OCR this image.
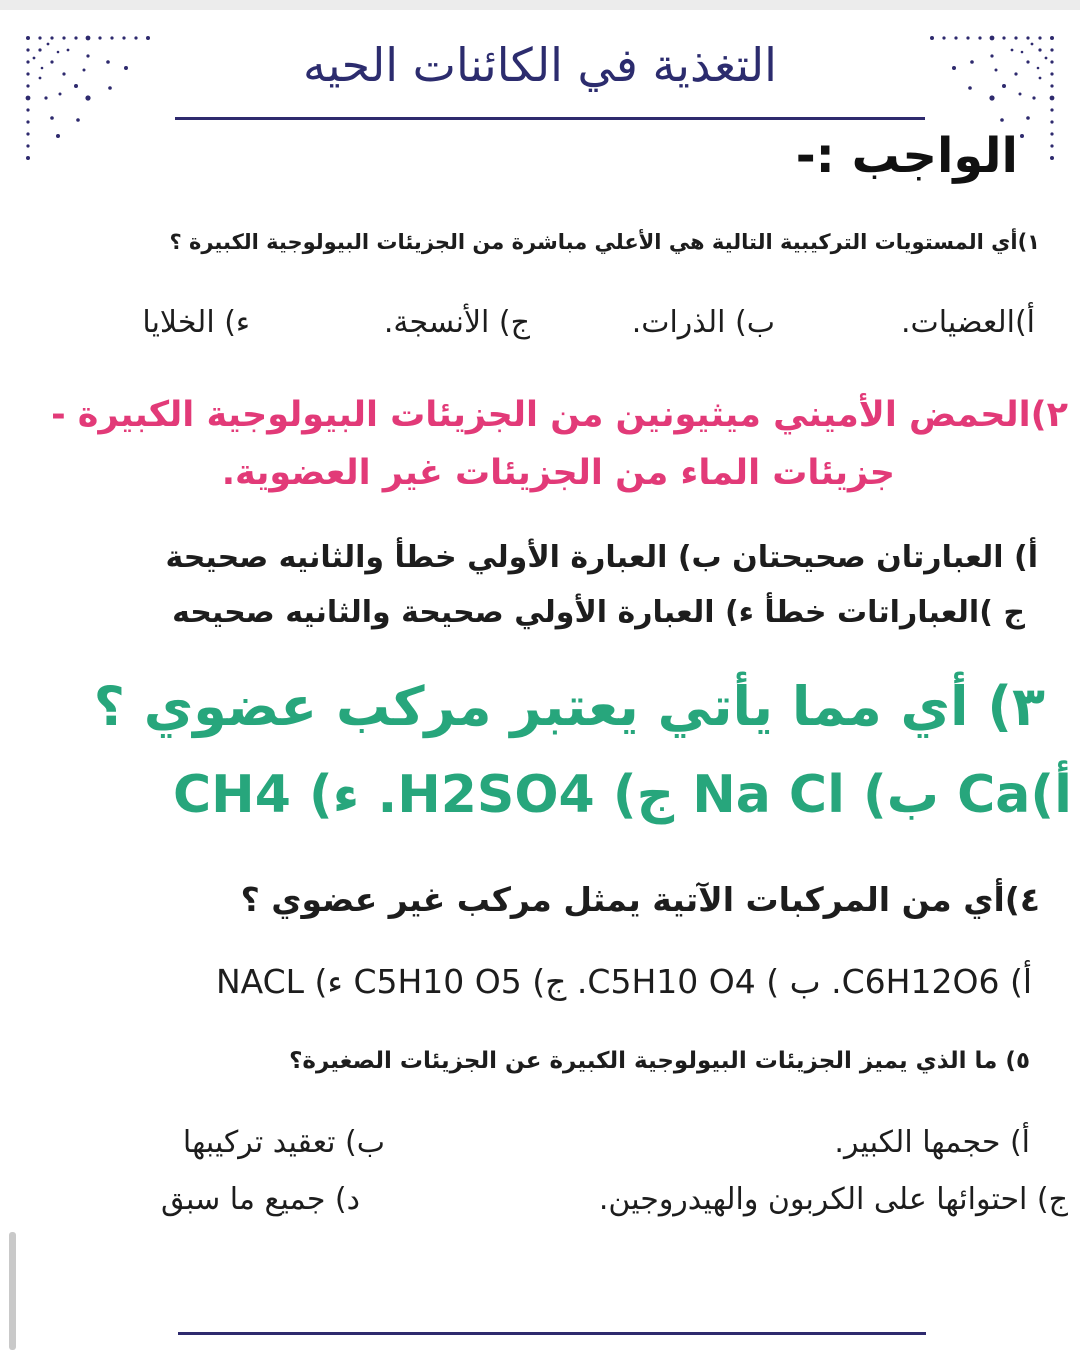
التغذية في الكائنات الحيه
الواجب :-
١)أي المستويات التركيبية التالية هي الأعلي مباشرة من الجزيئات البيولوجية الكبيرة ؟
أ)العضيات.
ب) الذرات.
ج) الأنسجة.
ء) الخلايا
٢)الحمض الأميني ميثيونين من الجزيئات البيولوجية الكبيرة -
جزيئات الماء من الجزيئات غير العضوية.
أ) العبارتان صحيحتان ب) العبارة الأولي خطأ والثانيه صحيحة
ج )العباراتات خطأ ء) العبارة الأولي صحيحة والثانيه صحيحه
٣) أي مما يأتي يعتبر مركب عضوي ؟
أ)Ca ب) Na Cl ج) H2SO4. ء) CH4
٤)أي من المركبات الآتية يمثل مركب غير عضوي ؟
أ) C6H12O6. ب ) C5H10 O4. ج) C5H10 O5 ء) NACL
٥) ما الذي يميز الجزيئات البيولوجية الكبيرة عن الجزيئات الصغيرة؟
أ) حجمها الكبير.
ب) تعقيد تركيبها
ج) احتوائها على الكربون والهيدروجين.
د) جميع ما سبق
